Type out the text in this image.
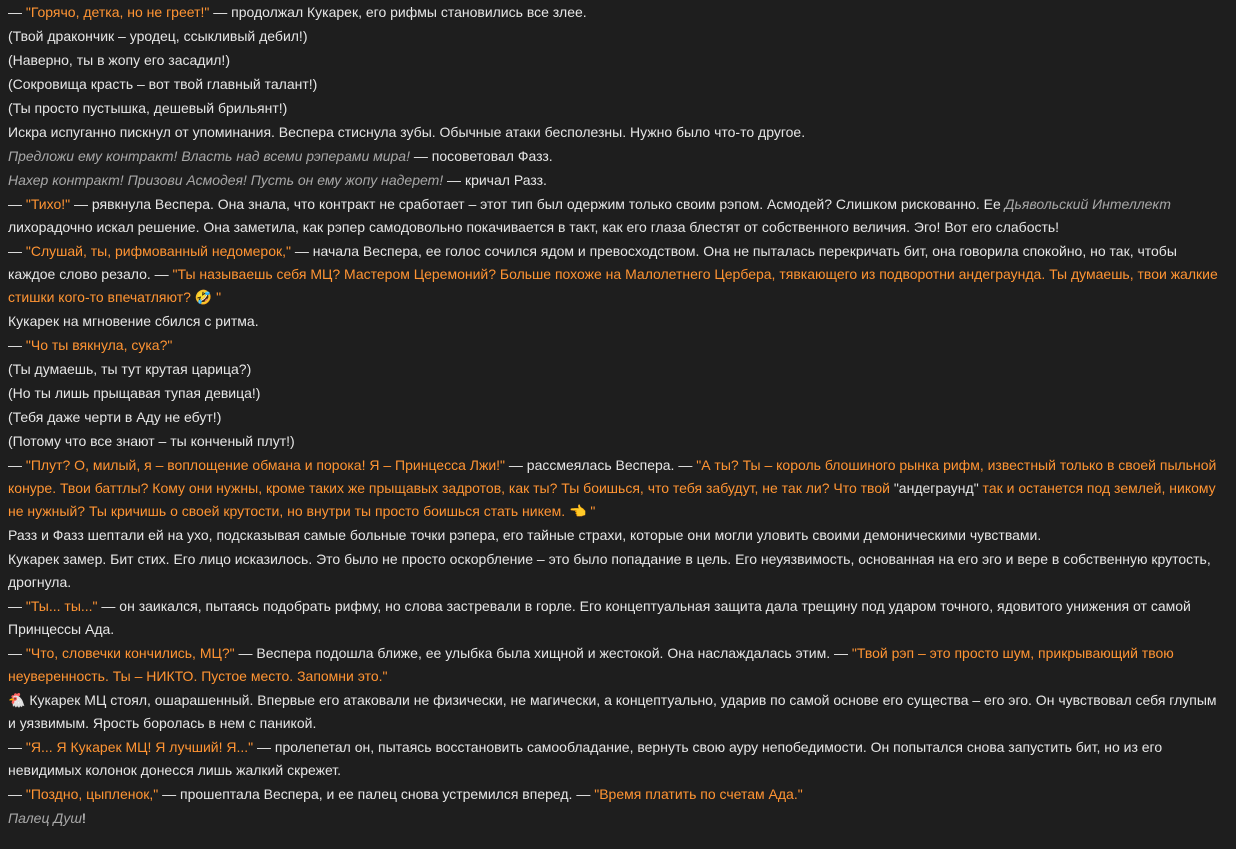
— "Горячо, детка, но не греет!" — продолжал Кукарек, его рифмы становились все злее.

(Твой дракончик – уродец, ссыкливый дебил!)

(Наверно, ты в жопу его засадил!)

(Сокровища красть – вот твой главный талант!)

(Ты просто пустышка, дешевый брильянт!)

Искра испуганно пискнул от упоминания. Веспера стиснула зубы. Обычные атаки бесполезны. Нужно было что-то другое.

Предложи ему контракт! Власть над всеми рэперами мира! — посоветовал Фазз.

Нахер контракт! Призови Асмодея! Пусть он ему жопу надерет! — кричал Разз.

— "Тихо!" — рявкнула Веспера. Она знала, что контракт не сработает – этот тип был одержим только своим рэпом. Асмодей? Слишком рискованно. Ее Дьявольский Интеллект лихорадочно искал решение. Она заметила, как рэпер самодовольно покачивается в такт, как его глаза блестят от собственного величия. Эго! Вот его слабость!

— "Слушай, ты, рифмованный недомерок," — начала Веспера, ее голос сочился ядом и превосходством. Она не пыталась перекричать бит, она говорила спокойно, но так, чтобы каждое слово резало. — "Ты называешь себя МЦ? Мастером Церемоний? Больше похоже на Малолетнего Цербера, тявкающего из подворотни андеграунда. Ты думаешь, твои жалкие стишки кого-то впечатляют? 🤣 "

Кукарек на мгновение сбился с ритма.

— "Чо ты вякнула, сука?"

(Ты думаешь, ты тут крутая царица?)

(Но ты лишь прыщавая тупая девица!)

(Тебя даже черти в Аду не ебут!)

(Потому что все знают – ты конченый плут!)

— "Плут? О, милый, я – воплощение обмана и порока! Я – Принцесса Лжи!" — рассмеялась Веспера. — "А ты? Ты – король блошиного рынка рифм, известный только в своей пыльной конуре. Твои баттлы? Кому они нужны, кроме таких же прыщавых задротов, как ты? Ты боишься, что тебя забудут, не так ли? Что твой "андеграунд" так и останется под землей, никому не нужный? Ты кричишь о своей крутости, но внутри ты просто боишься стать никем. 👈 "

Разз и Фазз шептали ей на ухо, подсказывая самые больные точки рэпера, его тайные страхи, которые они могли уловить своими демоническими чувствами.

Кукарек замер. Бит стих. Его лицо исказилось. Это было не просто оскорбление – это было попадание в цель. Его неуязвимость, основанная на его эго и вере в собственную крутость, дрогнула.

— "Ты... ты..." — он заикался, пытаясь подобрать рифму, но слова застревали в горле. Его концептуальная защита дала трещину под ударом точного, ядовитого унижения от самой Принцессы Ада.

— "Что, словечки кончились, МЦ?" — Веспера подошла ближе, ее улыбка была хищной и жестокой. Она наслаждалась этим. — "Твой рэп – это просто шум, прикрывающий твою неуверенность. Ты – НИКТО. Пустое место. Запомни это."

🐔 Кукарек МЦ стоял, ошарашенный. Впервые его атаковали не физически, не магически, а концептуально, ударив по самой основе его существа – его эго. Он чувствовал себя глупым и уязвимым. Ярость боролась в нем с паникой.

— "Я... Я Кукарек МЦ! Я лучший! Я..." — пролепетал он, пытаясь восстановить самообладание, вернуть свою ауру непобедимости. Он попытался снова запустить бит, но из его невидимых колонок донесся лишь жалкий скрежет.

— "Поздно, цыпленок," — прошептала Веспера, и ее палец снова устремился вперед. — "Время платить по счетам Ада."

Палец Душ!
